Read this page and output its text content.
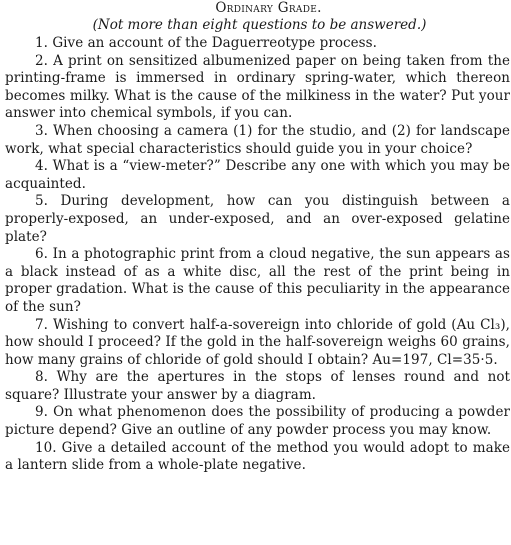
Ordinary Grade.

(Not more than eight questions to be answered.)

1. Give an account of the Daguerreotype process.

2. A print on sensitized albumenized paper on being taken from the printing-frame is immersed in ordinary spring-water, which thereon becomes milky. What is the cause of the milkiness in the water? Put your answer into chemical symbols, if you can.

3. When choosing a camera (1) for the studio, and (2) for landscape work, what special characteristics should guide you in your choice?

4. What is a “view-meter?” Describe any one with which you may be acquainted.

5. During development, how can you distinguish between a properly-exposed, an under-exposed, and an over-exposed gelatine plate?

6. In a photographic print from a cloud negative, the sun appears as a black instead of as a white disc, all the rest of the print being in proper gradation. What is the cause of this peculiarity in the appearance of the sun?

7. Wishing to convert half-a-sovereign into chloride of gold (Au Cl₃), how should I proceed? If the gold in the half-sovereign weighs 60 grains, how many grains of chloride of gold should I obtain? Au=197, Cl=35·5.

8. Why are the apertures in the stops of lenses round and not square? Illustrate your answer by a diagram.

9. On what phenomenon does the possibility of producing a powder picture depend? Give an outline of any powder process you may know.

10. Give a detailed account of the method you would adopt to make a lantern slide from a whole-plate negative.
